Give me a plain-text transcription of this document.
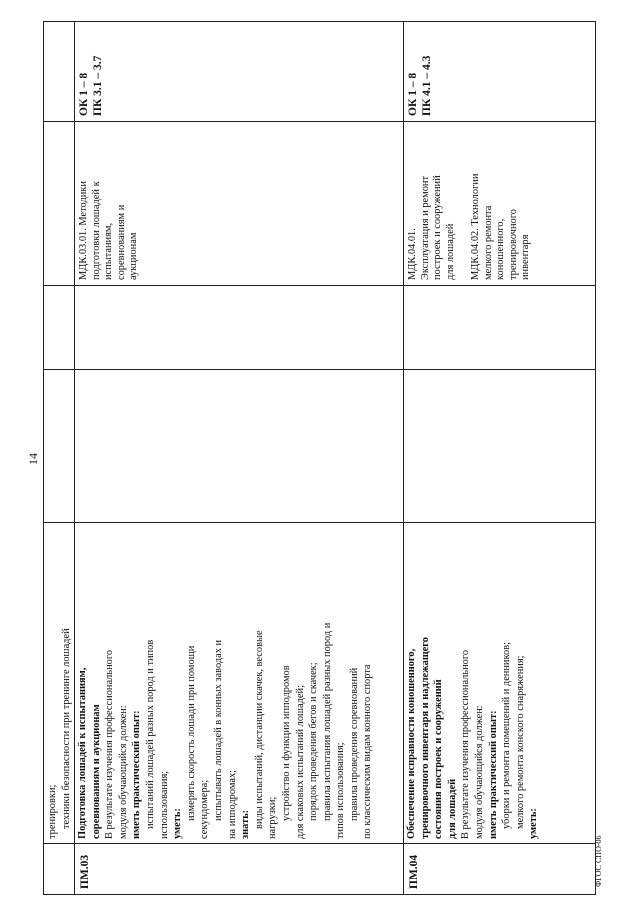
14
ФГОС СПО-06
тренировки; техники безопасности при тренинге лошадей
ПМ.03
Подготовка лошадей к испытаниям, соревнованиям и аукционам В результате изучения профессионального модуля обучающийся должен: иметь практический опыт: испытаний лошадей разных пород и типов использования; уметь:
измерять скорость лошади при помощи секундомера; испытывать лошадей в конных заводах и на ипподромах; знать: виды испытаний, дистанции скачек, весовые нагрузки; устройство и функции ипподромов для скаковых испытаний лошадей; порядок проведения бегов и скачек; правила испытания лошадей разных пород и типов использования; правила проведения соревнований по классическим видам конного спорта
МДК.03.01. Методики подготовки лошадей к испытаниям, соревнованиям и аукционам
ОК 1 – 8 ПК 3.1 – 3.7
ПМ.04
Обеспечение исправности коношенного, тренировочного инвентаря и надлежащего состояния построек и сооружений для лошадей В результате изучения профессионального модуля обучающийся должен: иметь практический опыт: уборки и ремонта помещений и денников; мелкого ремонта конского снаряжения; уметь:
МДК.04.01. Эксплуатация и ремонт построек и сооружений для лошадей МДК.04.02. Технологии мелкого ремонта коношенного, тренировочного инвентаря
ОК 1 – 8 ПК 4.1 – 4.3
